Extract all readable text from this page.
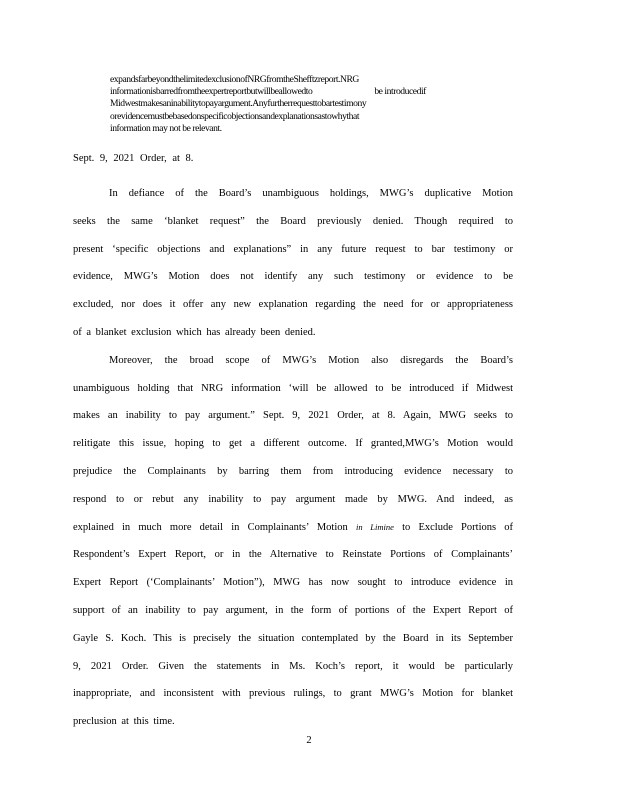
expandsfarbeyondthelimitedexclusionofNRGfromtheShefftzreport.NRG
informationisbarredfromtheexpertreportbutwillbeallowedto	be introducedif
Midwestmakesaninabilitytopayargument.Anyfurtherrequesttobartestimony
orevidencemustbebasedonspecificobjectionsandexplanationsastowhythat
information may not be relevant.
Sept. 9, 2021 Order, at 8.
In defiance of the Board’s unambiguous holdings, MWG’s duplicative Motion
seeks the same ‘blanket request” the Board previously denied. Though required to
present ‘specific objections and explanations” in any future request to bar testimony or
evidence, MWG’s Motion does not identify any such testimony or evidence to be
excluded, nor does it offer any new explanation regarding the need for or appropriateness
of a blanket exclusion which has already been denied.
Moreover, the broad scope of MWG’s Motion also disregards the Board’s
unambiguous holding that NRG information ‘will be allowed to be introduced if Midwest
makes an inability to pay argument.” Sept. 9, 2021 Order, at 8. Again, MWG seeks to
relitigate this issue, hoping to get a different outcome. If granted,MWG’s Motion would
prejudice the Complainants by barring them from introducing evidence necessary to
respond to or rebut any inability to pay argument made by MWG. And indeed, as
explained in much more detail in Complainants’ Motion in Limine to Exclude Portions of
Respondent’s Expert Report, or in the Alternative to Reinstate Portions of Complainants’
Expert Report (‘Complainants’ Motion”), MWG has now sought to introduce evidence in
support of an inability to pay argument, in the form of portions of the Expert Report of
Gayle S. Koch. This is precisely the situation contemplated by the Board in its September
9, 2021 Order. Given the statements in Ms. Koch’s report, it would be particularly
inappropriate, and inconsistent with previous rulings, to grant MWG’s Motion for blanket
preclusion at this time.
2
